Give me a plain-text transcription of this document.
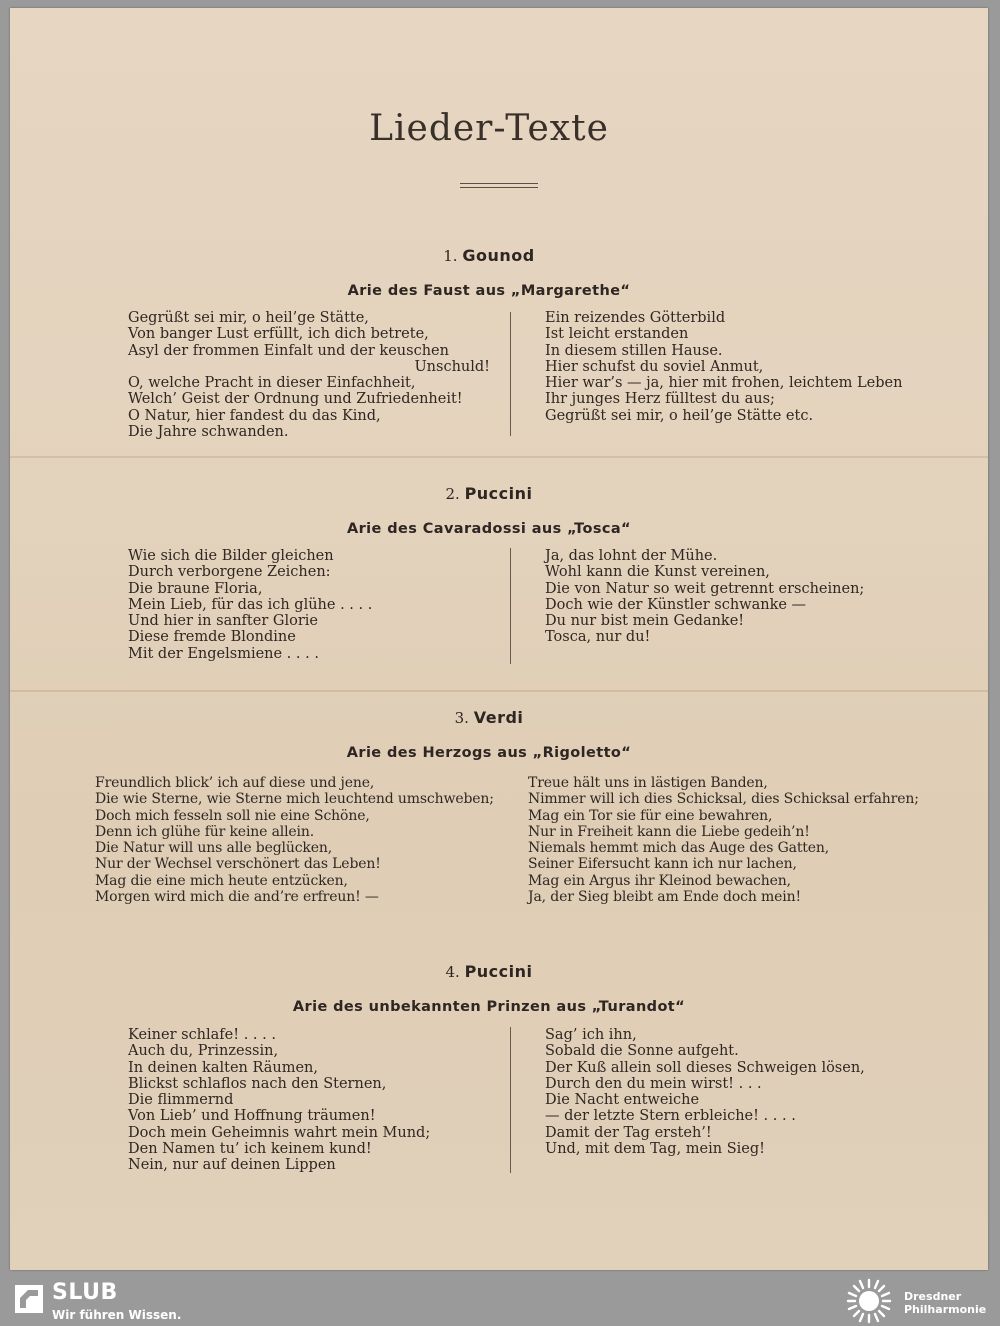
Lieder-Texte
1. Gounod
Arie des Faust aus „Margarethe“
Gegrüßt sei mir, o heil’ge Stätte,
Von banger Lust erfüllt, ich dich betrete,
Asyl der frommen Einfalt und der keuschen
Unschuld!
O, welche Pracht in dieser Einfachheit,
Welch’ Geist der Ordnung und Zufriedenheit!
O Natur, hier fandest du das Kind,
Die Jahre schwanden.
Ein reizendes Götterbild
Ist leicht erstanden
In diesem stillen Hause.
Hier schufst du soviel Anmut,
Hier war’s — ja, hier mit frohen, leichtem Leben
Ihr junges Herz fülltest du aus;
Gegrüßt sei mir, o heil’ge Stätte etc.
2. Puccini
Arie des Cavaradossi aus „Tosca“
Wie sich die Bilder gleichen
Durch verborgene Zeichen:
Die braune Floria,
Mein Lieb, für das ich glühe . . . .
Und hier in sanfter Glorie
Diese fremde Blondine
Mit der Engelsmiene . . . .
Ja, das lohnt der Mühe.
Wohl kann die Kunst vereinen,
Die von Natur so weit getrennt erscheinen;
Doch wie der Künstler schwanke —
Du nur bist mein Gedanke!
Tosca, nur du!
3. Verdi
Arie des Herzogs aus „Rigoletto“
Freundlich blick’ ich auf diese und jene,
Die wie Sterne, wie Sterne mich leuchtend umschweben;
Doch mich fesseln soll nie eine Schöne,
Denn ich glühe für keine allein.
Die Natur will uns alle beglücken,
Nur der Wechsel verschönert das Leben!
Mag die eine mich heute entzücken,
Morgen wird mich die and’re erfreun! —
Treue hält uns in lästigen Banden,
Nimmer will ich dies Schicksal, dies Schicksal erfahren;
Mag ein Tor sie für eine bewahren,
Nur in Freiheit kann die Liebe gedeih’n!
Niemals hemmt mich das Auge des Gatten,
Seiner Eifersucht kann ich nur lachen,
Mag ein Argus ihr Kleinod bewachen,
Ja, der Sieg bleibt am Ende doch mein!
4. Puccini
Arie des unbekannten Prinzen aus „Turandot“
Keiner schlafe! . . . .
Auch du, Prinzessin,
In deinen kalten Räumen,
Blickst schlaflos nach den Sternen,
Die flimmernd
Von Lieb’ und Hoffnung träumen!
Doch mein Geheimnis wahrt mein Mund;
Den Namen tu’ ich keinem kund!
Nein, nur auf deinen Lippen
Sag’ ich ihn,
Sobald die Sonne aufgeht.
Der Kuß allein soll dieses Schweigen lösen,
Durch den du mein wirst! . . .
Die Nacht entweiche
— der letzte Stern erbleiche! . . . .
Damit der Tag ersteh’!
Und, mit dem Tag, mein Sieg!
SLUB
Wir führen Wissen.
Dresdner
Philharmonie
